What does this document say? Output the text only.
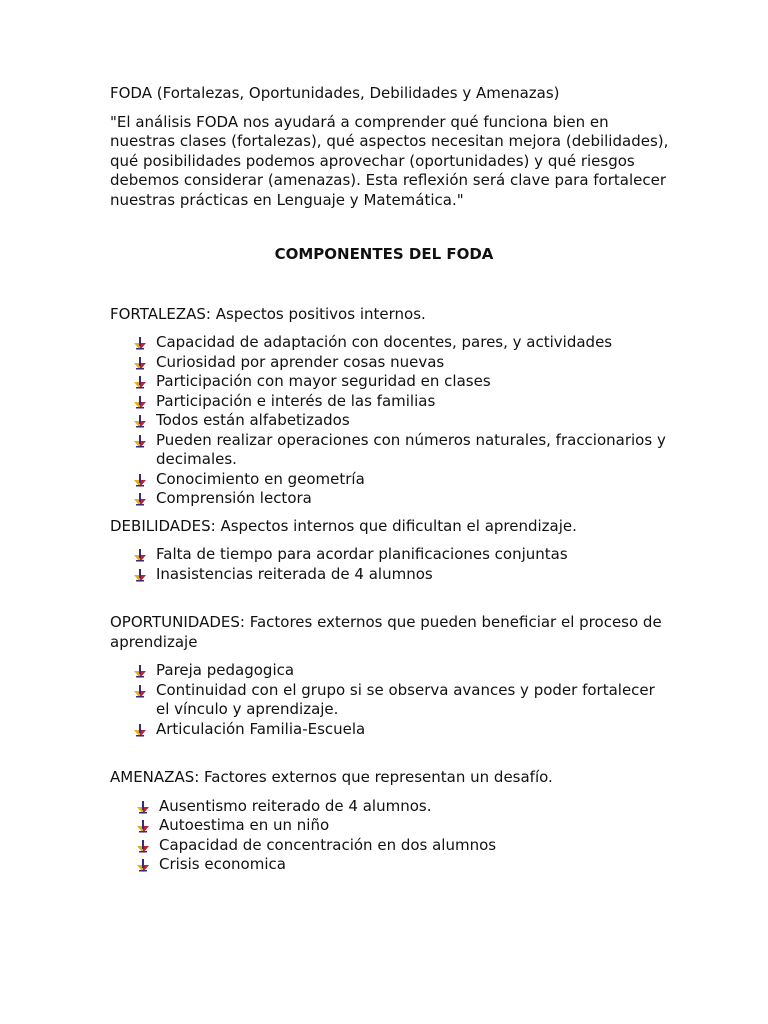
FODA (Fortalezas, Oportunidades, Debilidades y Amenazas)

"El análisis FODA nos ayudará a comprender qué funciona bien en nuestras clases (fortalezas), qué aspectos necesitan mejora (debilidades), qué posibilidades podemos aprovechar (oportunidades) y qué riesgos debemos considerar (amenazas). Esta reflexión será clave para fortalecer nuestras prácticas en Lenguaje y Matemática."

COMPONENTES DEL FODA

FORTALEZAS: Aspectos positivos internos.

Capacidad de adaptación con docentes, pares, y actividades
Curiosidad por aprender cosas nuevas
Participación con mayor seguridad en clases
Participación e interés de las familias
Todos están alfabetizados
Pueden realizar operaciones con números naturales, fraccionarios y decimales.
Conocimiento en geometría
Comprensión lectora

DEBILIDADES: Aspectos internos que dificultan el aprendizaje.

Falta de tiempo para acordar planificaciones conjuntas
Inasistencias reiterada de 4 alumnos

OPORTUNIDADES: Factores externos que pueden beneficiar el proceso de aprendizaje

Pareja pedagogica
Continuidad con el grupo si se observa avances y poder fortalecer el vínculo y aprendizaje.
Articulación Familia-Escuela

AMENAZAS: Factores externos que representan un desafío.

Ausentismo reiterado de 4 alumnos.
Autoestima en un niño
Capacidad de concentración en dos alumnos
Crisis economica
